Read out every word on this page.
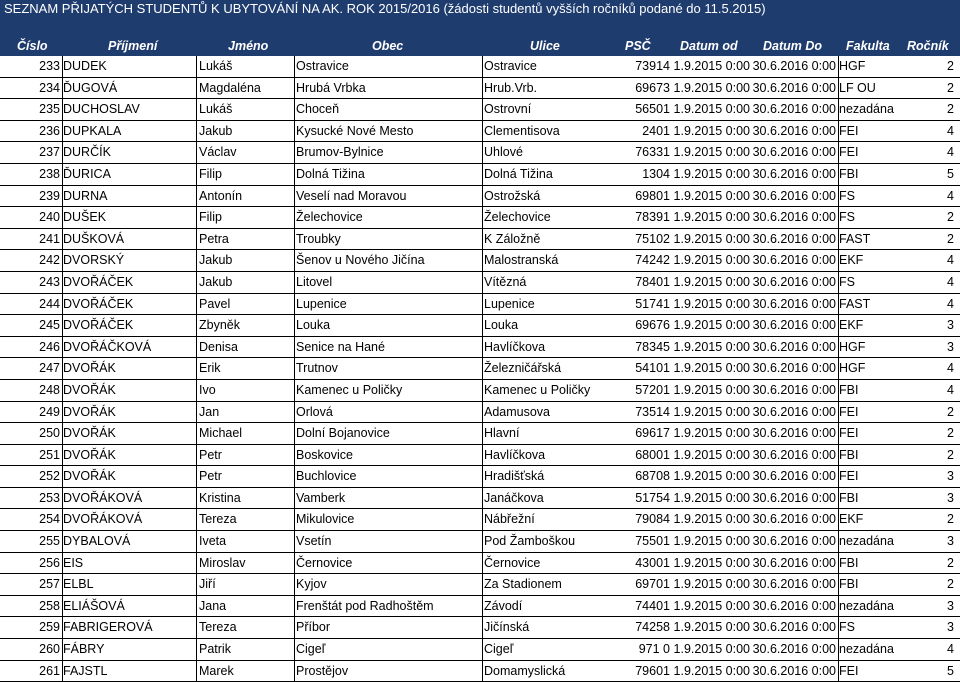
SEZNAM PŘIJATÝCH STUDENTŮ K UBYTOVÁNÍ NA AK. ROK 2015/2016 (žádosti studentů vyšších ročníků podané do 11.5.2015)
Číslo	Příjmení	Jméno	Obec	Ulice	PSČ Datum od Datum Do Fakulta Ročník
233 DUDEK	Lukáš	Ostravice	Ostravice	73914 1.9.2015 0:00 30.6.2016 0:00 HGF	2
234 ĎUGOVÁ	Magdaléna	Hrubá Vrbka	Hrub.Vrb.	69673 1.9.2015 0:00 30.6.2016 0:00 LF OU	2
235 DUCHOSLAV	Lukáš	Choceň	Ostrovní	56501 1.9.2015 0:00 30.6.2016 0:00 nezadána	2
236 DUPKALA	Jakub	Kysucké Nové Mesto	Clementisova	2401 1.9.2015 0:00 30.6.2016 0:00 FEI	4
237 DURČÍK	Václav	Brumov-Bylnice	Uhlové	76331 1.9.2015 0:00 30.6.2016 0:00 FEI	4
238 ĎURICA	Filip	Dolná Tižina	Dolná Tižina	1304 1.9.2015 0:00 30.6.2016 0:00 FBI	5
239 DURNA	Antonín	Veselí nad Moravou	Ostrožská	69801 1.9.2015 0:00 30.6.2016 0:00 FS	4
240 DUŠEK	Filip	Želechovice	Želechovice	78391 1.9.2015 0:00 30.6.2016 0:00 FS	2
241 DUŠKOVÁ	Petra	Troubky	K Záložně	75102 1.9.2015 0:00 30.6.2016 0:00 FAST	2
242 DVORSKÝ	Jakub	Šenov u Nového Jičína	Malostranská	74242 1.9.2015 0:00 30.6.2016 0:00 EKF	4
243 DVOŘÁČEK	Jakub	Litovel	Vítězná	78401 1.9.2015 0:00 30.6.2016 0:00 FS	4
244 DVOŘÁČEK	Pavel	Lupenice	Lupenice	51741 1.9.2015 0:00 30.6.2016 0:00 FAST	4
245 DVOŘÁČEK	Zbyněk	Louka	Louka	69676 1.9.2015 0:00 30.6.2016 0:00 EKF	3
246 DVOŘÁČKOVÁ	Denisa	Senice na Hané	Havlíčkova	78345 1.9.2015 0:00 30.6.2016 0:00 HGF	3
247 DVOŘÁK	Erik	Trutnov	Železničářská	54101 1.9.2015 0:00 30.6.2016 0:00 HGF	4
248 DVOŘÁK	Ivo	Kamenec u Poličky	Kamenec u Poličky	57201 1.9.2015 0:00 30.6.2016 0:00 FBI	4
249 DVOŘÁK	Jan	Orlová	Adamusova	73514 1.9.2015 0:00 30.6.2016 0:00 FEI	2
250 DVOŘÁK	Michael	Dolní Bojanovice	Hlavní	69617 1.9.2015 0:00 30.6.2016 0:00 FEI	2
251 DVOŘÁK	Petr	Boskovice	Havlíčkova	68001 1.9.2015 0:00 30.6.2016 0:00 FBI	2
252 DVOŘÁK	Petr	Buchlovice	Hradišťská	68708 1.9.2015 0:00 30.6.2016 0:00 FEI	3
253 DVOŘÁKOVÁ	Kristina	Vamberk	Janáčkova	51754 1.9.2015 0:00 30.6.2016 0:00 FBI	3
254 DVOŘÁKOVÁ	Tereza	Mikulovice	Nábřežní	79084 1.9.2015 0:00 30.6.2016 0:00 EKF	2
255 DYBALOVÁ	Iveta	Vsetín	Pod Žamboškou	75501 1.9.2015 0:00 30.6.2016 0:00 nezadána	3
256 EIS	Miroslav	Černovice	Černovice	43001 1.9.2015 0:00 30.6.2016 0:00 FBI	2
257 ELBL	Jiří	Kyjov	Za Stadionem	69701 1.9.2015 0:00 30.6.2016 0:00 FBI	2
258 ELIÁŠOVÁ	Jana	Frenštát pod Radhoštěm	Závodí	74401 1.9.2015 0:00 30.6.2016 0:00 nezadána	3
259 FABRIGEROVÁ	Tereza	Příbor	Jičínská	74258 1.9.2015 0:00 30.6.2016 0:00 FS	3
260 FÁBRY	Patrik	Cigeľ	Cigeľ	971 0 1.9.2015 0:00 30.6.2016 0:00 nezadána	4
261 FAJSTL	Marek	Prostějov	Domamyslická	79601 1.9.2015 0:00 30.6.2016 0:00 FEI	5
